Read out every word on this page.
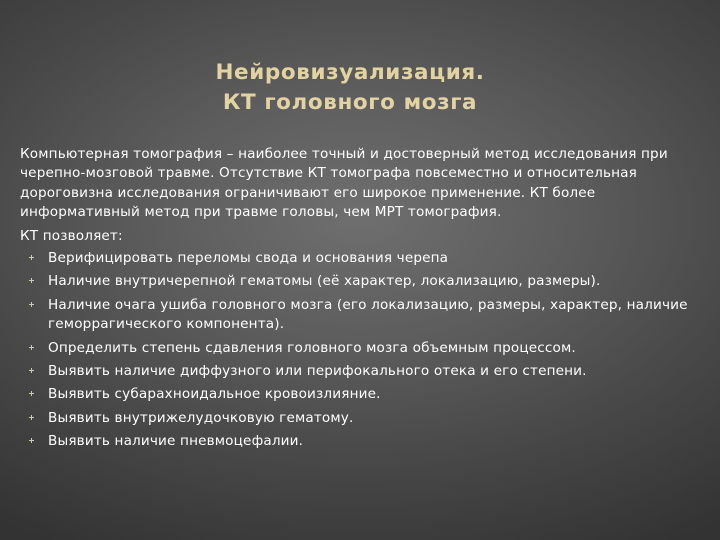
Нейровизуализация.
КТ головного мозга

Компьютерная томография – наиболее точный и достоверный метод исследования при черепно-мозговой травме. Отсутствие КТ томографа повсеместно и относительная дороговизна исследования ограничивают его широкое применение. КТ более информативный метод при травме головы, чем МРТ томография.

КТ позволяет:

Верифицировать переломы свода и основания черепа
Наличие внутричерепной гематомы (её характер, локализацию, размеры).
Наличие очага ушиба головного мозга (его локализацию, размеры, характер, наличие геморрагического компонента).
Определить степень сдавления головного мозга объемным процессом.
Выявить наличие диффузного или перифокального отека и его степени.
Выявить субарахноидальное кровоизлияние.
Выявить внутрижелудочковую гематому.
Выявить наличие пневмоцефалии.
